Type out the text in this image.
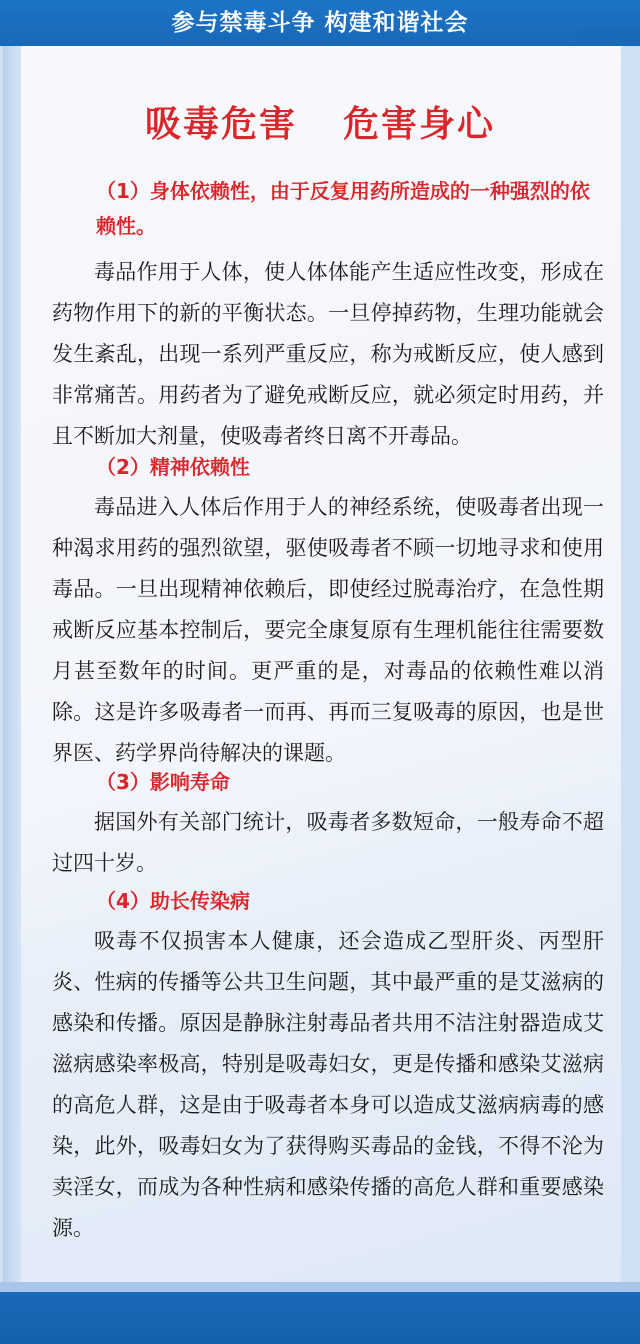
参与禁毒斗争 构建和谐社会
吸毒危害 危害身心

（1）身体依赖性，由于反复用药所造成的一种强烈的依赖性。

毒品作用于人体，使人体体能产生适应性改变，形成在药物作用下的新的平衡状态。一旦停掉药物，生理功能就会发生紊乱，出现一系列严重反应，称为戒断反应，使人感到非常痛苦。用药者为了避免戒断反应，就必须定时用药，并且不断加大剂量，使吸毒者终日离不开毒品。

（2）精神依赖性

毒品进入人体后作用于人的神经系统，使吸毒者出现一种渴求用药的强烈欲望，驱使吸毒者不顾一切地寻求和使用毒品。一旦出现精神依赖后，即使经过脱毒治疗，在急性期戒断反应基本控制后，要完全康复原有生理机能往往需要数月甚至数年的时间。更严重的是，对毒品的依赖性难以消除。这是许多吸毒者一而再、再而三复吸毒的原因，也是世界医、药学界尚待解决的课题。

（3）影响寿命

据国外有关部门统计，吸毒者多数短命，一般寿命不超过四十岁。

（4）助长传染病

吸毒不仅损害本人健康，还会造成乙型肝炎、丙型肝炎、性病的传播等公共卫生问题，其中最严重的是艾滋病的感染和传播。原因是静脉注射毒品者共用不洁注射器造成艾滋病感染率极高，特别是吸毒妇女，更是传播和感染艾滋病的高危人群，这是由于吸毒者本身可以造成艾滋病病毒的感染，此外，吸毒妇女为了获得购买毒品的金钱，不得不沦为卖淫女，而成为各种性病和感染传播的高危人群和重要感染源。
